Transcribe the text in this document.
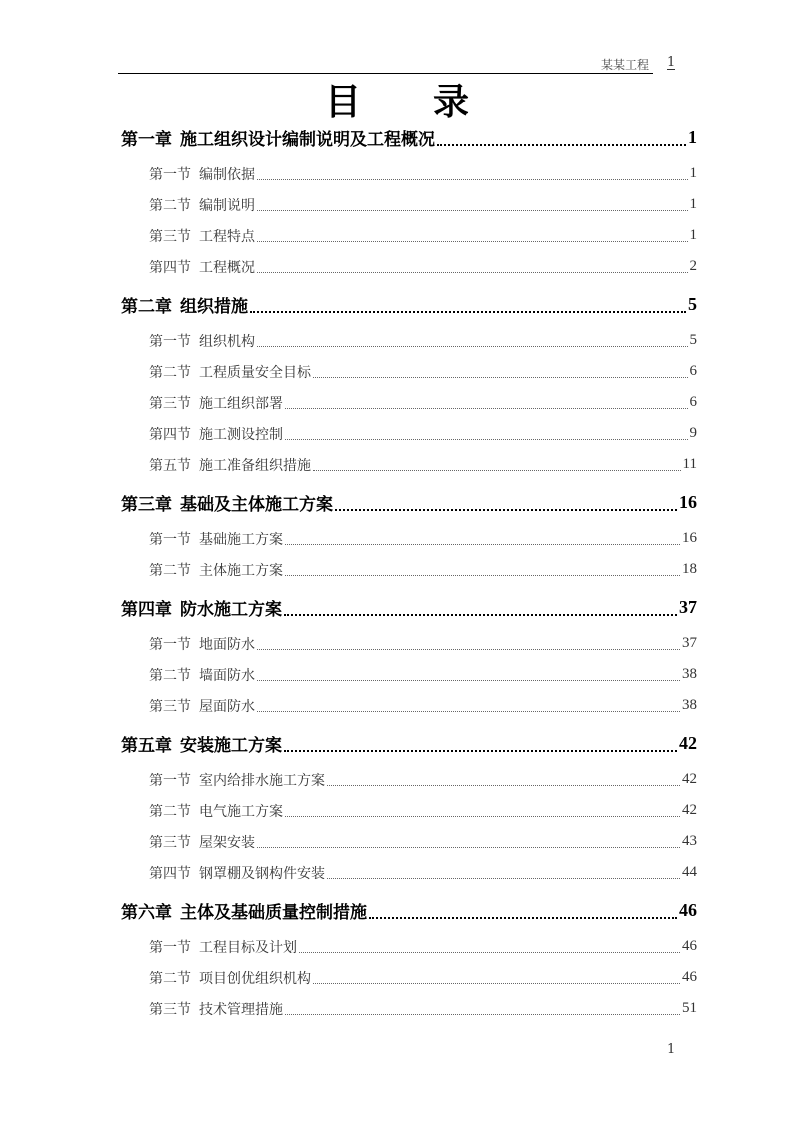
某某工程 1
目 录
第一章 施工组织设计编制说明及工程概况	1
第一节 编制依据	1
第二节 编制说明	1
第三节 工程特点	1
第四节 工程概况	2
第二章 组织措施	5
第一节 组织机构	5
第二节 工程质量安全目标	6
第三节 施工组织部署	6
第四节 施工测设控制	9
第五节 施工准备组织措施	11
第三章 基础及主体施工方案	16
第一节 基础施工方案	16
第二节 主体施工方案	18
第四章 防水施工方案	37
第一节 地面防水	37
第二节 墙面防水	38
第三节 屋面防水	38
第五章 安装施工方案	42
第一节 室内给排水施工方案	42
第二节 电气施工方案	42
第三节 屋架安装	43
第四节 钢罩棚及钢构件安装	44
第六章 主体及基础质量控制措施	46
第一节 工程目标及计划	46
第二节 项目创优组织机构	46
第三节 技术管理措施	51
1
